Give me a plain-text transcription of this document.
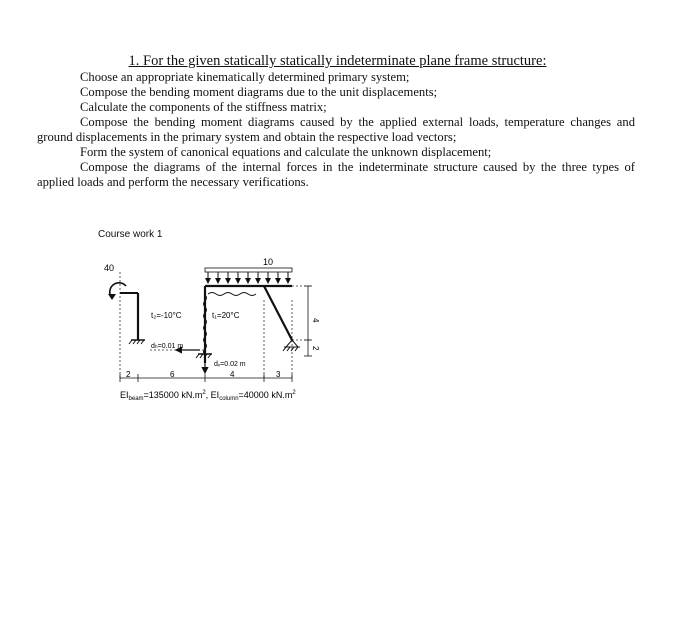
1. For the given statically statically indeterminate plane frame structure:
Choose an appropriate kinematically determined primary system;
Compose the bending moment diagrams due to the unit displacements;
Calculate the components of the stiffness matrix;
Compose the bending moment diagrams caused by the applied external loads, temperature changes and
ground displacements in the primary system and obtain the respective load vectors;
Form the system of canonical equations and calculate the unknown displacement;
Compose the diagrams of the internal forces in the indeterminate structure caused by the three types of
applied loads and perform the necessary verifications.
Course work 1
40
10
t₂=-10°C	t₁=20°C
dₕ=0.01 m
dᵥ=0.02 m
2	6	4	3
4
2
$EI_{beam}=135000$ $kN.m^2$, $EI_{column}=40000$ $kN.m^2$
